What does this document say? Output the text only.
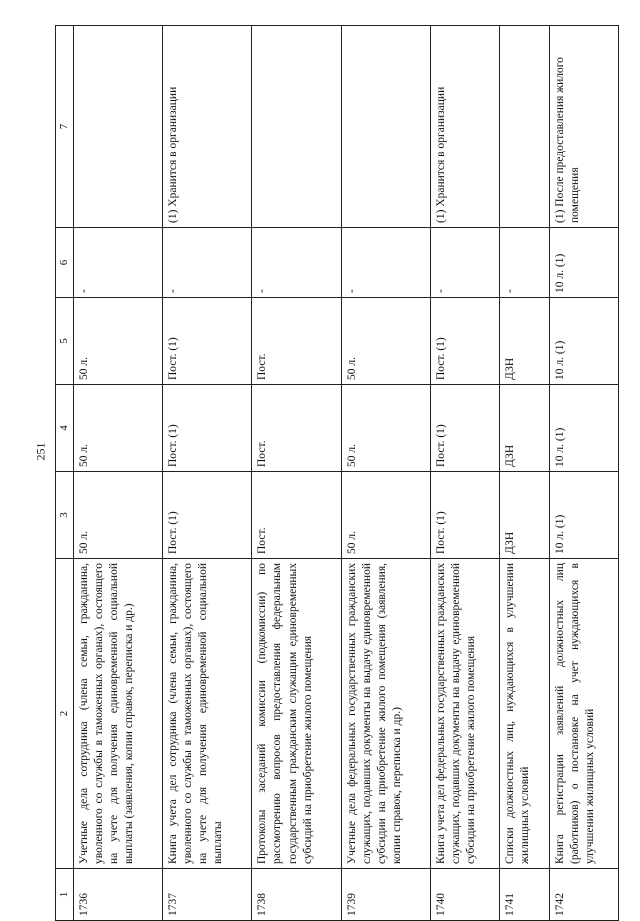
251
1	2	3	4	5	6	7
1736	Учетные дела сотрудника (члена семьи, гражданина, уволенного со службы в таможенных органах), состоящего на учете для получения единовременной социальной выплаты (заявления, копии справок, переписка и др.)	50 л.	50 л.	50 л.	-	
1737	Книга учета дел сотрудника (члена семьи, гражданина, уволенного со службы в таможенных органах), состоящего на учете для получения единовременной социальной выплаты	Пост. (1)	Пост. (1)	Пост. (1)	-	(1) Хранится в организации
1738	Протоколы заседаний комиссии (подкомиссии) по рассмотрению вопросов предоставления федеральным государственным гражданским служащим единовременных субсидий на приобретение жилого помещения	Пост.	Пост.	Пост.	-	
1739	Учетные дела федеральных государственных гражданских служащих, подавших документы на выдачу единовременной субсидии на приобретение жилого помещения (заявления, копии справок, переписка и др.)	50 л.	50 л.	50 л.	-	
1740	Книга учета дел федеральных государственных гражданских служащих, подавших документы на выдачу единовременной субсидии на приобретение жилого помещения	Пост. (1)	Пост. (1)	Пост. (1)	-	(1) Хранится в организации
1741	Списки должностных лиц, нуждающихся в улучшении жилищных условий	ДЗН	ДЗН	ДЗН	-	
1742	Книга регистрации заявлений должностных лиц (работников) о постановке на учет нуждающихся в улучшении жилищных условий	10 л. (1)	10 л. (1)	10 л. (1)	10 л. (1)	(1) После предоставления жилого помещения
